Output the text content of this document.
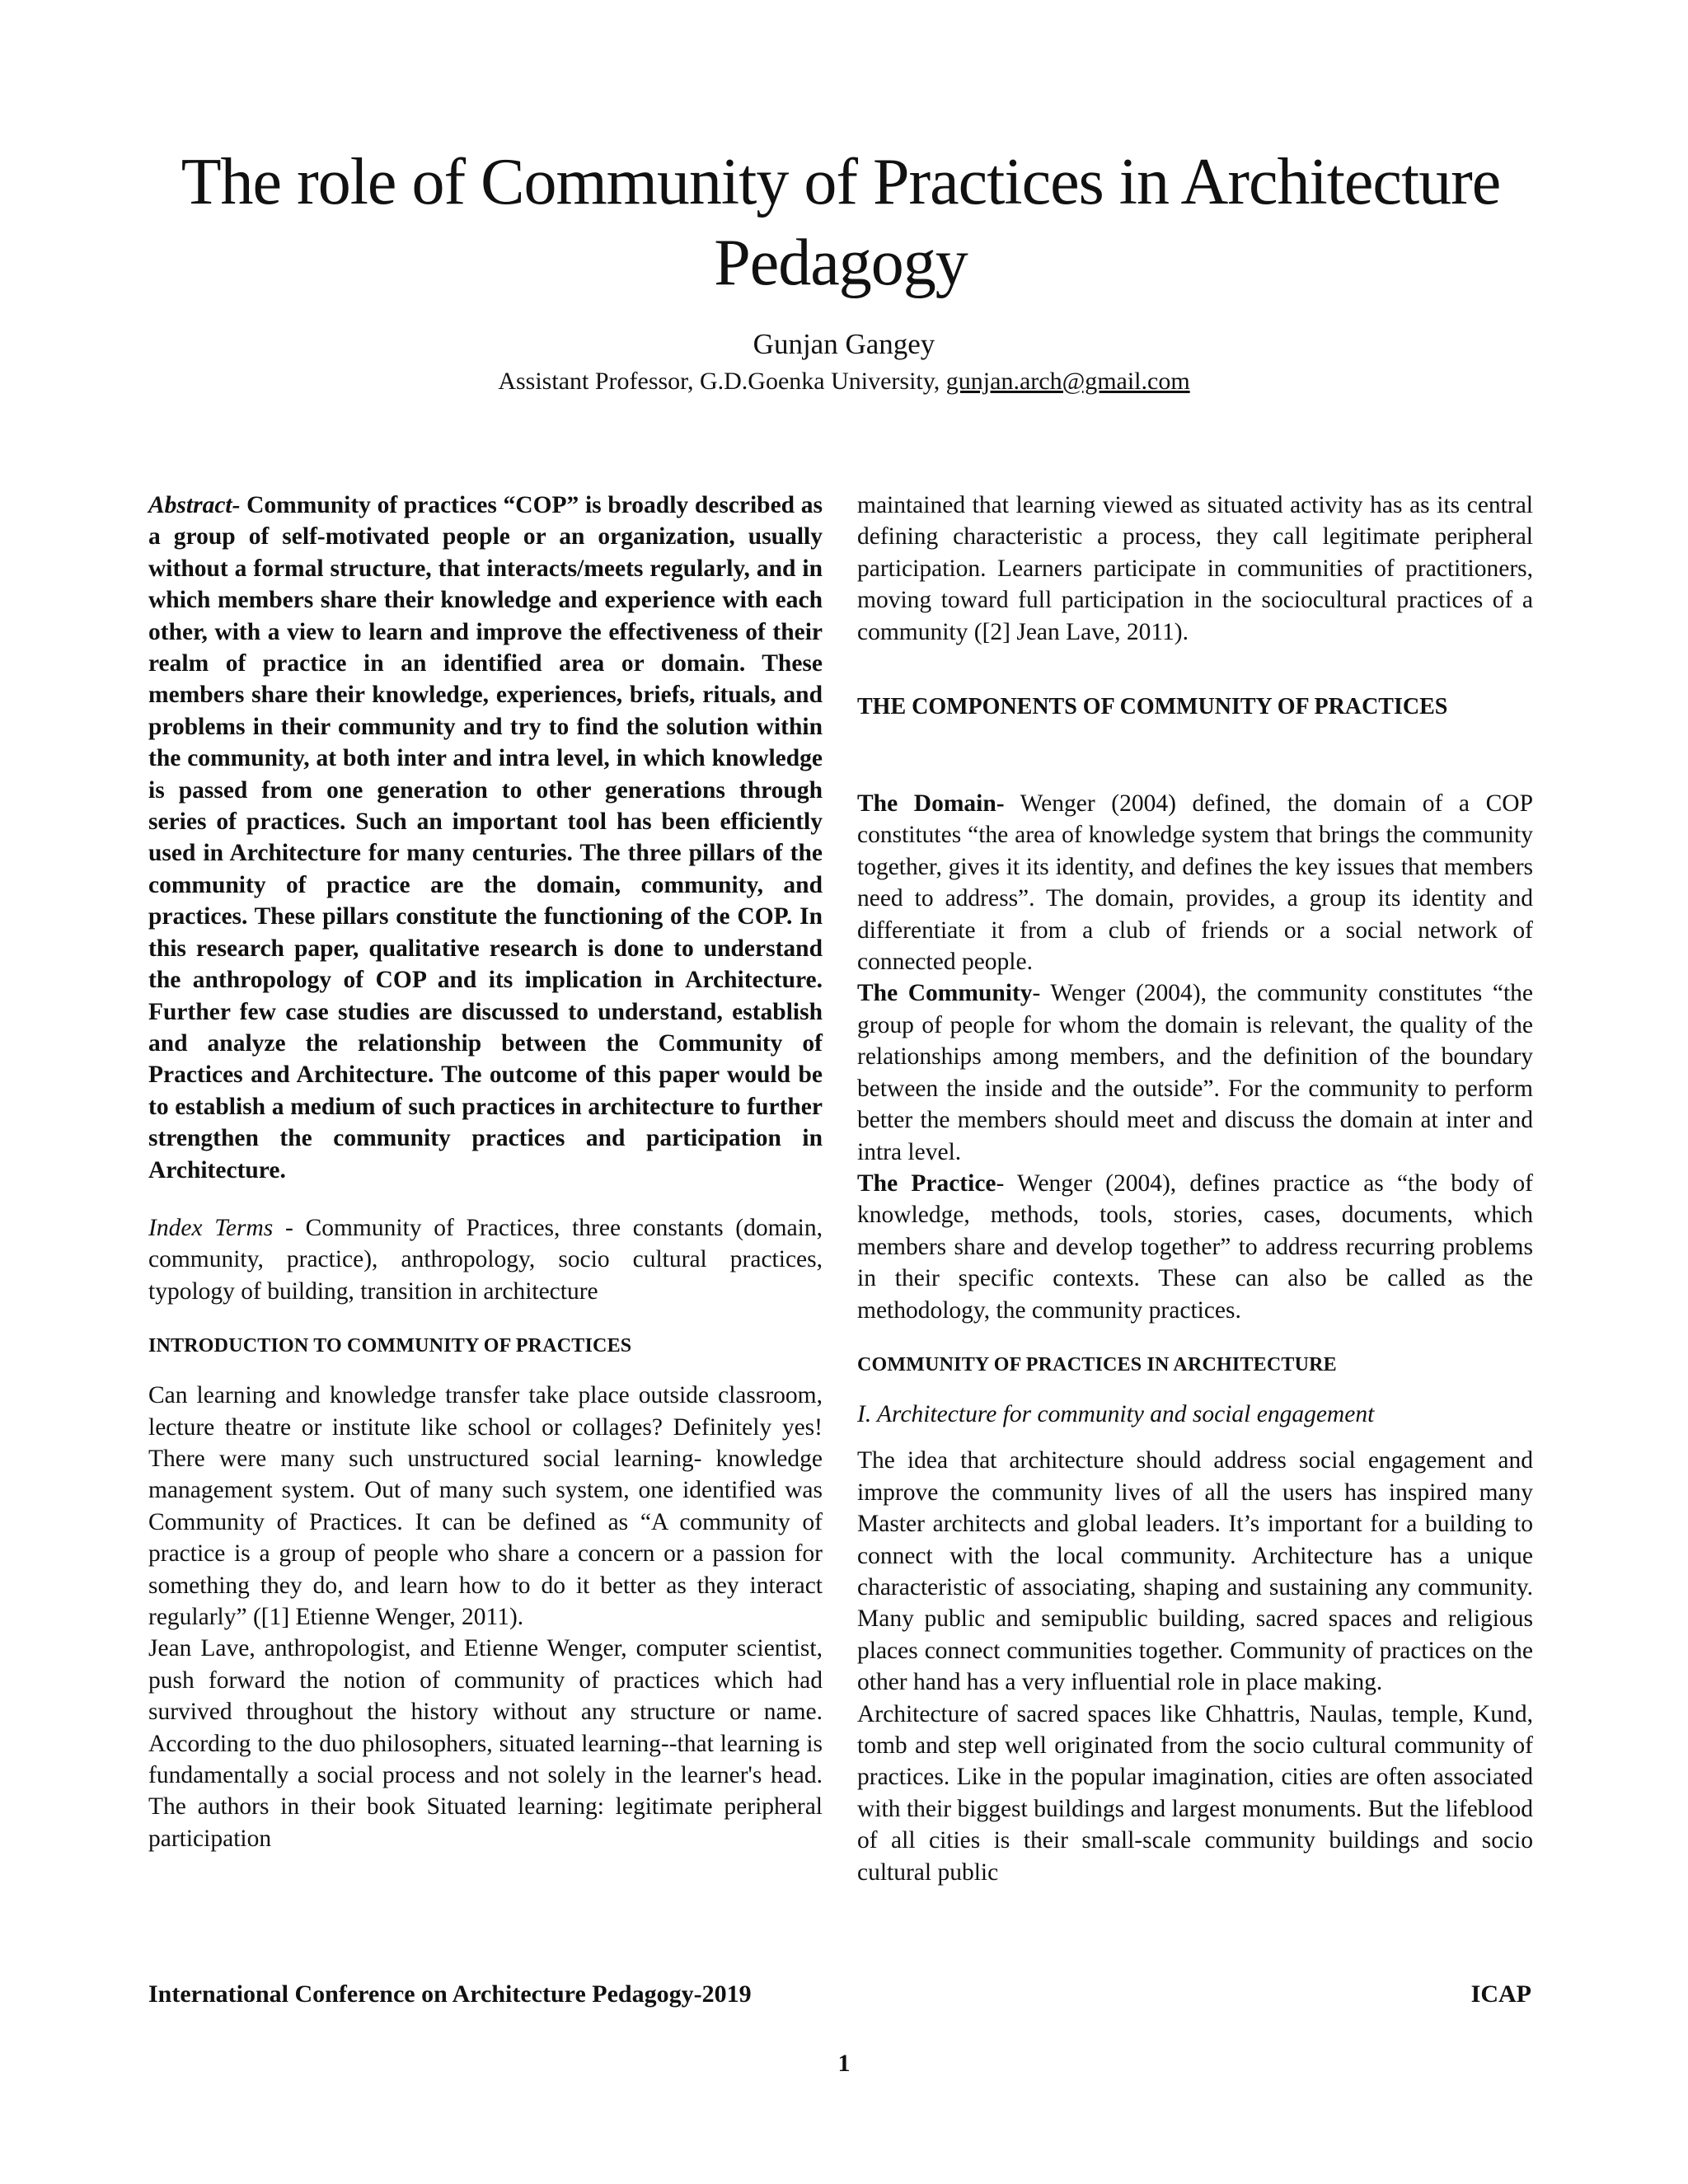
The role of Community of Practices in Architecture Pedagogy
Gunjan Gangey
Assistant Professor, G.D.Goenka University, gunjan.arch@gmail.com

Abstract- Community of practices “COP” is broadly described as a group of self-motivated people or an organization, usually without a formal structure, that interacts/meets regularly, and in which members share their knowledge and experience with each other, with a view to learn and improve the effectiveness of their realm of practice in an identified area or domain. These members share their knowledge, experiences, briefs, rituals, and problems in their community and try to find the solution within the community, at both inter and intra level, in which knowledge is passed from one generation to other generations through series of practices. Such an important tool has been efficiently used in Architecture for many centuries. The three pillars of the community of practice are the domain, community, and practices. These pillars constitute the functioning of the COP. In this research paper, qualitative research is done to understand the anthropology of COP and its implication in Architecture. Further few case studies are discussed to understand, establish and analyze the relationship between the Community of Practices and Architecture. The outcome of this paper would be to establish a medium of such practices in architecture to further strengthen the community practices and participation in Architecture.

Index Terms - Community of Practices, three constants (domain, community, practice), anthropology, socio cultural practices, typology of building, transition in architecture

INTRODUCTION TO COMMUNITY OF PRACTICES

Can learning and knowledge transfer take place outside classroom, lecture theatre or institute like school or collages? Definitely yes! There were many such unstructured social learning- knowledge management system. Out of many such system, one identified was Community of Practices. It can be defined as “A community of practice is a group of people who share a concern or a passion for something they do, and learn how to do it better as they interact regularly” ([1] Etienne Wenger, 2011).

Jean Lave, anthropologist, and Etienne Wenger, computer scientist, push forward the notion of community of practices which had survived throughout the history without any structure or name. According to the duo philosophers, situated learning--that learning is fundamentally a social process and not solely in the learner's head. The authors in their book Situated learning: legitimate peripheral participation

maintained that learning viewed as situated activity has as its central defining characteristic a process, they call legitimate peripheral participation. Learners participate in communities of practitioners, moving toward full participation in the sociocultural practices of a community ([2] Jean Lave, 2011).

THE COMPONENTS OF COMMUNITY OF PRACTICES

The Domain- Wenger (2004) defined, the domain of a COP constitutes “the area of knowledge system that brings the community together, gives it its identity, and defines the key issues that members need to address”. The domain, provides, a group its identity and differentiate it from a club of friends or a social network of connected people.

The Community- Wenger (2004), the community constitutes “the group of people for whom the domain is relevant, the quality of the relationships among members, and the definition of the boundary between the inside and the outside”. For the community to perform better the members should meet and discuss the domain at inter and intra level.

The Practice- Wenger (2004), defines practice as “the body of knowledge, methods, tools, stories, cases, documents, which members share and develop together” to address recurring problems in their specific contexts. These can also be called as the methodology, the community practices.

COMMUNITY OF PRACTICES IN ARCHITECTURE

I. Architecture for community and social engagement

The idea that architecture should address social engagement and improve the community lives of all the users has inspired many Master architects and global leaders. It’s important for a building to connect with the local community. Architecture has a unique characteristic of associating, shaping and sustaining any community. Many public and semipublic building, sacred spaces and religious places connect communities together. Community of practices on the other hand has a very influential role in place making.

Architecture of sacred spaces like Chhattris, Naulas, temple, Kund, tomb and step well originated from the socio cultural community of practices. Like in the popular imagination, cities are often associated with their biggest buildings and largest monuments. But the lifeblood of all cities is their small-scale community buildings and socio cultural public

International Conference on Architecture Pedagogy-2019	ICAP
1
